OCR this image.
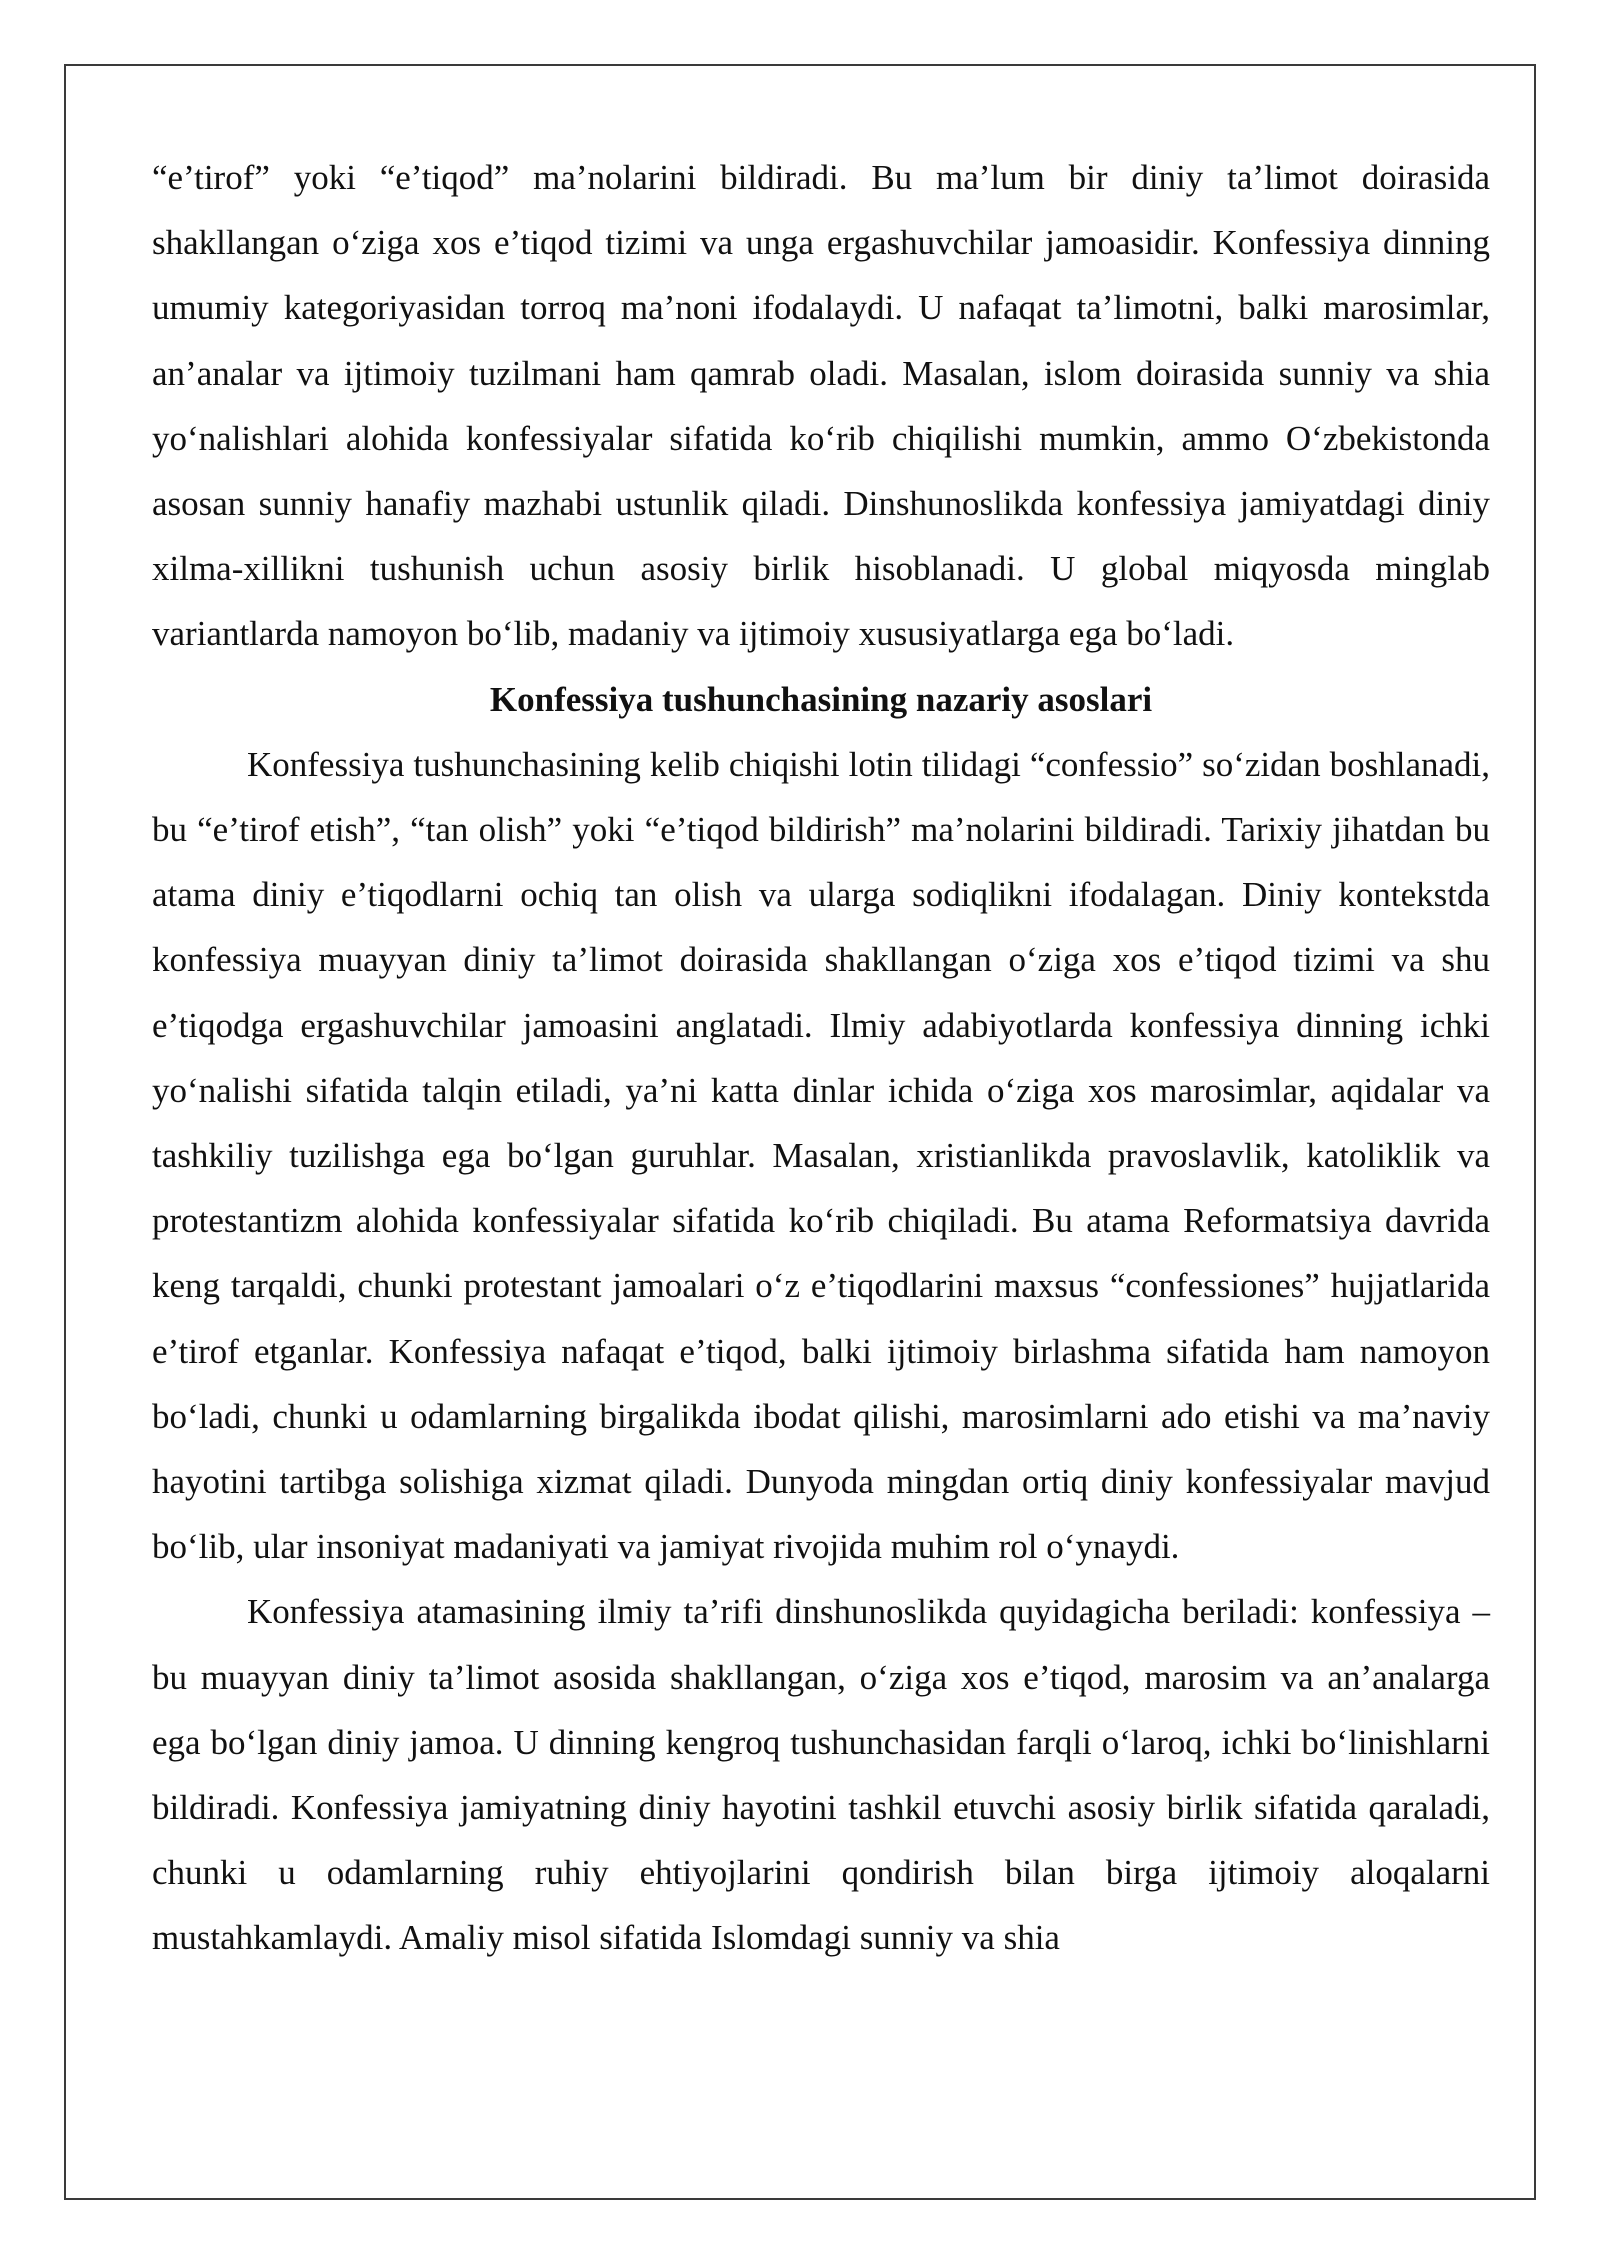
“e’tirof” yoki “e’tiqod” ma’nolarini bildiradi. Bu ma’lum bir diniy ta’limot doirasida shakllangan o‘ziga xos e’tiqod tizimi va unga ergashuvchilar jamoasidir. Konfessiya dinning umumiy kategoriyasidan torroq ma’noni ifodalaydi. U nafaqat ta’limotni, balki marosimlar, an’analar va ijtimoiy tuzilmani ham qamrab oladi. Masalan, islom doirasida sunniy va shia yo‘nalishlari alohida konfessiyalar sifatida ko‘rib chiqilishi mumkin, ammo O‘zbekistonda asosan sunniy hanafiy mazhabi ustunlik qiladi. Dinshunoslikda konfessiya jamiyatdagi diniy xilma-xillikni tushunish uchun asosiy birlik hisoblanadi. U global miqyosda minglab variantlarda namoyon bo‘lib, madaniy va ijtimoiy xususiyatlarga ega bo‘ladi.

Konfessiya tushunchasining nazariy asoslari

Konfessiya tushunchasining kelib chiqishi lotin tilidagi “confessio” so‘zidan boshlanadi, bu “e’tirof etish”, “tan olish” yoki “e’tiqod bildirish” ma’nolarini bildiradi. Tarixiy jihatdan bu atama diniy e’tiqodlarni ochiq tan olish va ularga sodiqlikni ifodalagan. Diniy kontekstda konfessiya muayyan diniy ta’limot doirasida shakllangan o‘ziga xos e’tiqod tizimi va shu e’tiqodga ergashuvchilar jamoasini anglatadi. Ilmiy adabiyotlarda konfessiya dinning ichki yo‘nalishi sifatida talqin etiladi, ya’ni katta dinlar ichida o‘ziga xos marosimlar, aqidalar va tashkiliy tuzilishga ega bo‘lgan guruhlar. Masalan, xristianlikda pravoslavlik, katoliklik va protestantizm alohida konfessiyalar sifatida ko‘rib chiqiladi. Bu atama Reformatsiya davrida keng tarqaldi, chunki protestant jamoalari o‘z e’tiqodlarini maxsus “confessiones” hujjatlarida e’tirof etganlar. Konfessiya nafaqat e’tiqod, balki ijtimoiy birlashma sifatida ham namoyon bo‘ladi, chunki u odamlarning birgalikda ibodat qilishi, marosimlarni ado etishi va ma’naviy hayotini tartibga solishiga xizmat qiladi. Dunyoda mingdan ortiq diniy konfessiyalar mavjud bo‘lib, ular insoniyat madaniyati va jamiyat rivojida muhim rol o‘ynaydi.

Konfessiya atamasining ilmiy ta’rifi dinshunoslikda quyidagicha beriladi: konfessiya – bu muayyan diniy ta’limot asosida shakllangan, o‘ziga xos e’tiqod, marosim va an’analarga ega bo‘lgan diniy jamoa. U dinning kengroq tushunchasidan farqli o‘laroq, ichki bo‘linishlarni bildiradi. Konfessiya jamiyatning diniy hayotini tashkil etuvchi asosiy birlik sifatida qaraladi, chunki u odamlarning ruhiy ehtiyojlarini qondirish bilan birga ijtimoiy aloqalarni mustahkamlaydi. Amaliy misol sifatida Islomdagi sunniy va shia
